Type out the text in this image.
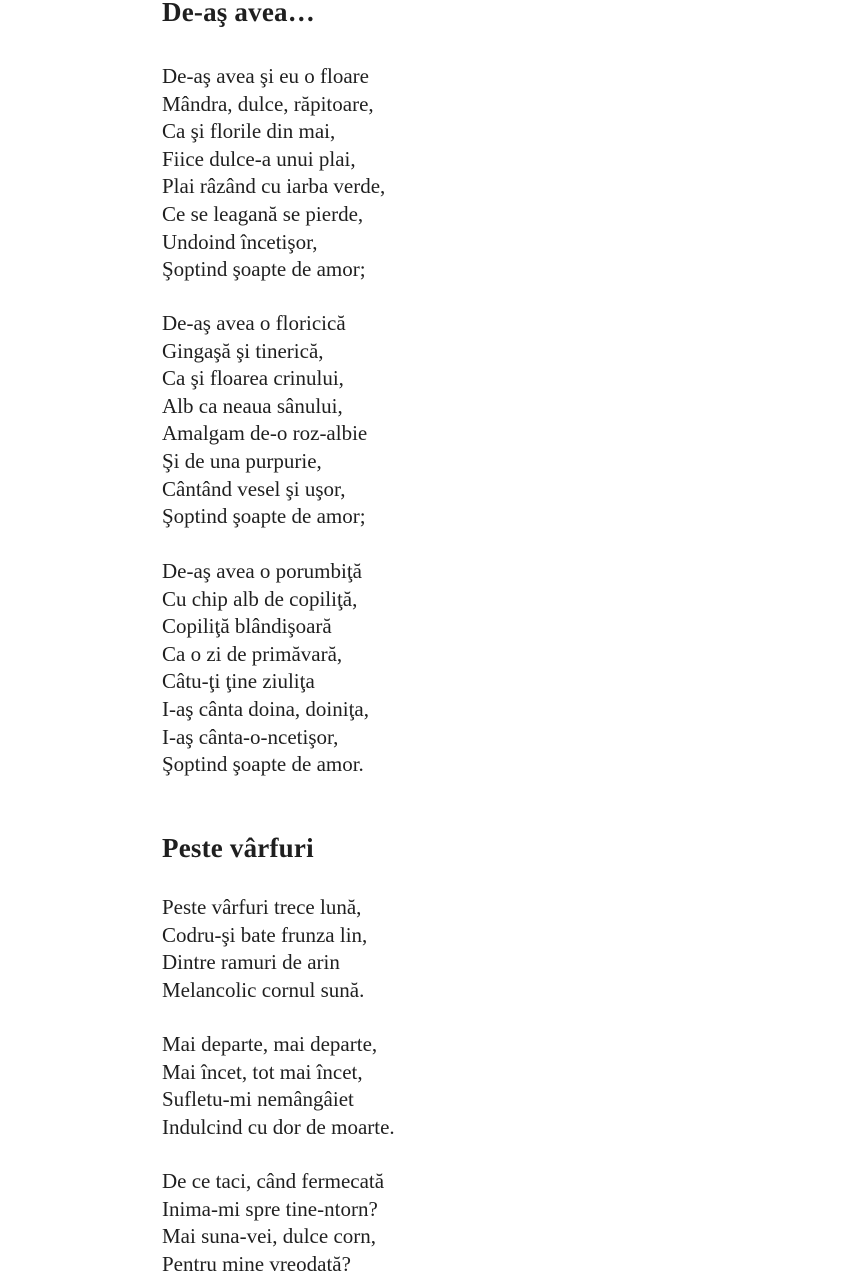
De-aş avea…
De-aş avea şi eu o floare
Mândra, dulce, răpitoare,
Ca şi florile din mai,
Fiice dulce-a unui plai,
Plai râzând cu iarba verde,
Ce se leagană se pierde,
Undoind încetişor,
Şoptind şoapte de amor;
De-aş avea o floricică
Gingaşă şi tinerică,
Ca şi floarea crinului,
Alb ca neaua sânului,
Amalgam de-o roz-albie
Şi de una purpurie,
Cântând vesel şi uşor,
Şoptind şoapte de amor;
De-aş avea o porumbiţă
Cu chip alb de copiliţă,
Copiliţă blândişoară
Ca o zi de primăvară,
Câtu-ţi ţine ziuliţa
I-aş cânta doina, doiniţa,
I-aş cânta-o-ncetişor,
Şoptind şoapte de amor.
Peste vârfuri
Peste vârfuri trece lună,
Codru-şi bate frunza lin,
Dintre ramuri de arin
Melancolic cornul sună.
Mai departe, mai departe,
Mai încet, tot mai încet,
Sufletu-mi nemângâiet
Indulcind cu dor de moarte.
De ce taci, când fermecată
Inima-mi spre tine-ntorn?
Mai suna-vei, dulce corn,
Pentru mine vreodată?
